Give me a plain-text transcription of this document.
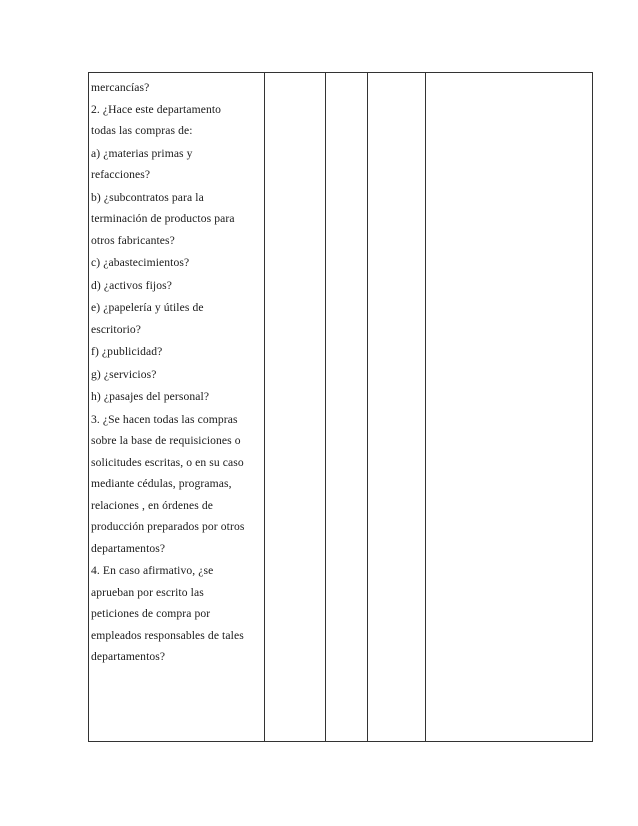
mercancías?
2. ¿Hace este departamento
todas las compras de:
a) ¿materias primas y
refacciones?
b) ¿subcontratos para la
terminación de productos para
otros fabricantes?
c) ¿abastecimientos?
d) ¿activos fijos?
e) ¿papelería y útiles de
escritorio?
f) ¿publicidad?
g) ¿servicios?
h) ¿pasajes del personal?
3. ¿Se hacen todas las compras
sobre la base de requisiciones o
solicitudes escritas, o en su caso
mediante cédulas, programas,
relaciones , en órdenes de
producción preparados por otros
departamentos?
4. En caso afirmativo, ¿se
aprueban por escrito las
peticiones de compra por
empleados responsables de tales
departamentos?
